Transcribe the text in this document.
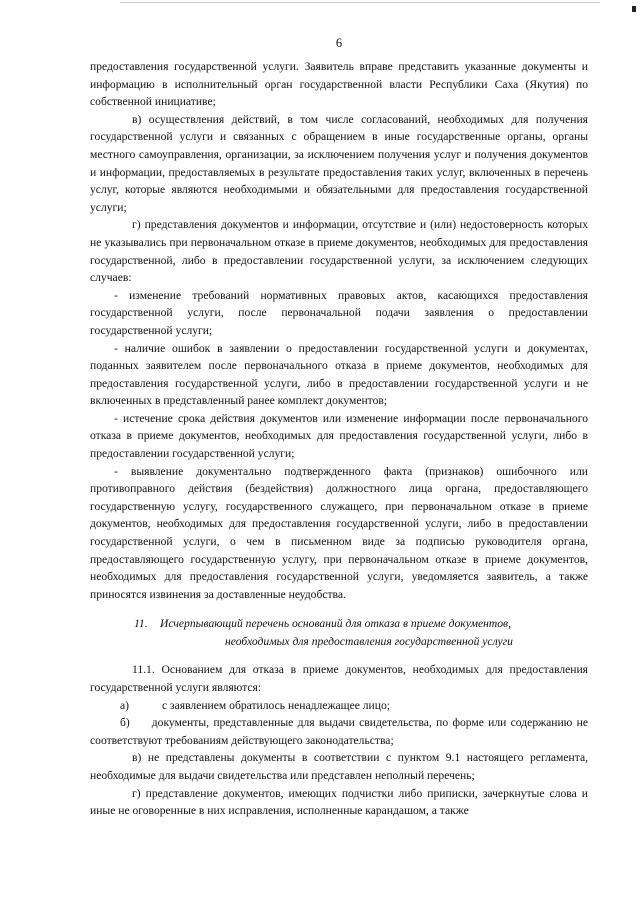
6

предоставления государственной услуги. Заявитель вправе представить указанные документы и информацию в исполнительный орган государственной власти Республики Саха (Якутия) по собственной инициативе;

в) осуществления действий, в том числе согласований, необходимых для получения государственной услуги и связанных с обращением в иные государственные органы, органы местного самоуправления, организации, за исключением получения услуг и получения документов и информации, предоставляемых в результате предоставления таких услуг, включенных в перечень услуг, которые являются необходимыми и обязательными для предоставления государственной услуги;

г) представления документов и информации, отсутствие и (или) недостоверность которых не указывались при первоначальном отказе в приеме документов, необходимых для предоставления государственной, либо в предоставлении государственной услуги, за исключением следующих случаев:

- изменение требований нормативных правовых актов, касающихся предоставления государственной услуги, после первоначальной подачи заявления о предоставлении государственной услуги;

- наличие ошибок в заявлении о предоставлении государственной услуги и документах, поданных заявителем после первоначального отказа в приеме документов, необходимых для предоставления государственной услуги, либо в предоставлении государственной услуги и не включенных в представленный ранее комплект документов;

- истечение срока действия документов или изменение информации после первоначального отказа в приеме документов, необходимых для предоставления государственной услуги, либо в предоставлении государственной услуги;

- выявление документально подтвержденного факта (признаков) ошибочного или противоправного действия (бездействия) должностного лица органа, предоставляющего государственную услугу, государственного служащего, при первоначальном отказе в приеме документов, необходимых для предоставления государственной услуги, либо в предоставлении государственной услуги, о чем в письменном виде за подписью руководителя органа, предоставляющего государственную услугу, при первоначальном отказе в приеме документов, необходимых для предоставления государственной услуги, уведомляется заявитель, а также приносятся извинения за доставленные неудобства.

11.	Исчерпывающий перечень оснований для отказа в приеме документов,
необходимых для предоставления государственной услуги

11.1. Основанием для отказа в приеме документов, необходимых для предоставления государственной услуги являются:

а)	с заявлением обратилось ненадлежащее лицо;

б) документы, представленные для выдачи свидетельства, по форме или содержанию не соответствуют требованиям действующего законодательства;

в) не представлены документы в соответствии с пунктом 9.1 настоящего регламента, необходимые для выдачи свидетельства или представлен неполный перечень;

г) представление документов, имеющих подчистки либо приписки, зачеркнутые слова и иные не оговоренные в них исправления, исполненные карандашом, а также
